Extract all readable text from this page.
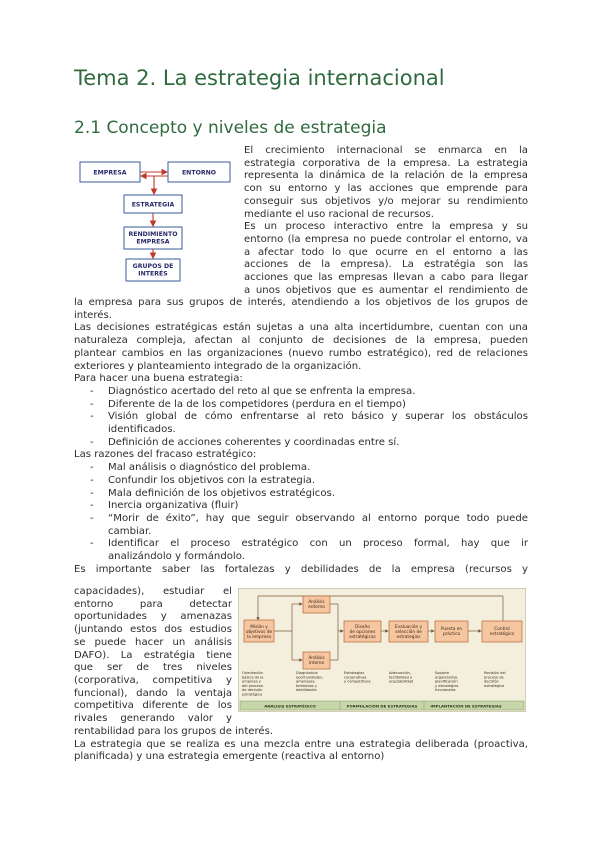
Tema 2. La estrategia internacional
2.1 Concepto y niveles de estrategia
EMPRESA	ENTORNO
ESTRATEGIA
RENDIMIENTO EMPRESA
GRUPOS DE INTERÉS
El crecimiento internacional se enmarca en la
estrategia corporativa de la empresa. La estrategia
representa la dinámica de la relación de la empresa
con su entorno y las acciones que emprende para
conseguir sus objetivos y/o mejorar su rendimiento
mediante el uso racional de recursos.
Es un proceso interactivo entre la empresa y su
entorno (la empresa no puede controlar el entorno, va
a afectar todo lo que ocurre en el entorno a las
acciones de la empresa). La estratégia son las
acciones que las empresas llevan a cabo para llegar
a unos objetivos que es aumentar el rendimiento de
la empresa para sus grupos de interés, atendiendo a los objetivos de los grupos de
interés.
Las decisiones estratégicas están sujetas a una alta incertidumbre, cuentan con una
naturaleza compleja, afectan al conjunto de decisiones de la empresa, pueden
plantear cambios en las organizaciones (nuevo rumbo estratégico), red de relaciones
exteriores y planteamiento integrado de la organización.
Para hacer una buena estrategia:
- Diagnóstico acertado del reto al que se enfrenta la empresa.
- Diferente de la de los competidores (perdura en el tiempo)
- Visión global de cómo enfrentarse al reto básico y superar los obstáculos
identificados.
- Definición de acciones coherentes y coordinadas entre sí.
Las razones del fracaso estratégico:
- Mal análisis o diagnóstico del problema.
- Confundir los objetivos con la estrategia.
- Mala definición de los objetivos estratégicos.
- Inercia organizativa (fluir)
- “Morir de éxito”, hay que seguir observando al entorno porque todo puede
cambiar.
- Identificar el proceso estratégico con un proceso formal, hay que ir
analizándolo y formándolo.
Es importante saber las fortalezas y debilidades de la empresa (recursos y
capacidades), estudiar el
entorno para detectar
oportunidades y amenazas
(juntando estos dos estudios
se puede hacer un análisis
DAFO). La estratégia tiene
que ser de tres niveles
(corporativa, competitiva y
funcional), dando la ventaja
competitiva diferente de los
rivales generando valor y
Misión y objetivos de la empresa
Análisis entorno
Análisis interno
Diseño de opciones estratégicas
Evaluación y selección de estrategias
Puesta en práctica
Control estratégico
Orientación básica de la empresa y del proceso de decisión estratégica
Diagnóstico: oportunidades, amenazas, fortalezas y debilidades
Estrategias corporativas y competitivas
Adecuación, factibilidad y aceptabilidad
Soporte organizativo, planificación y estrategias funcionales
Revisión del proceso de decisión estratégica
ANÁLISIS ESTRATÉGICO	FORMULACIÓN DE ESTRATEGIAS	IMPLANTACIÓN DE ESTRATEGIAS
rentabilidad para los grupos de interés.
La estrategia que se realiza es una mezcla entre una estrategia deliberada (proactiva,
planificada) y una estrategia emergente (reactiva al entorno)
